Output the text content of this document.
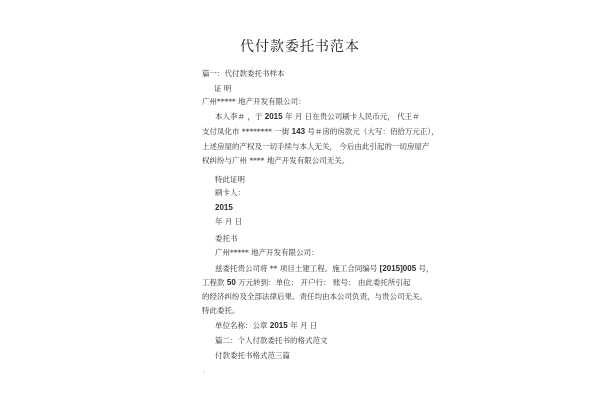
代付款委托书范本
篇一：代付款委托书样本
证 明
广州***** 地产开发有限公司：
本人李＃ ，于 2015 年 月 日在贵公司刷卡人民币元， 代王＃
支付凤化市 ******** 一街 143 号＃房的房款元（大写：佰拾万元正），
上述房屋的产权及一切手续与本人无关， 今后由此引起的一切房屋产
权纠纷与广州 **** 地产开发有限公司无关。
特此证明
刷卡人：
2015
年 月 日
委托书
广州***** 地产开发有限公司：
兹委托贵公司将 ** 项目土建工程。施工合同编号 [2015]005 号，
工程款 50 万元转到：单位： 开户行： 账号： 由此委托所引起
的经济纠纷及全部法律后果、责任均由本公司负责，与贵公司无关。
特此委托。
单位名称：公章 2015 年 月 日
篇二：个人付款委托书的格式范文
付款委托书格式范三篇
ᐟ
